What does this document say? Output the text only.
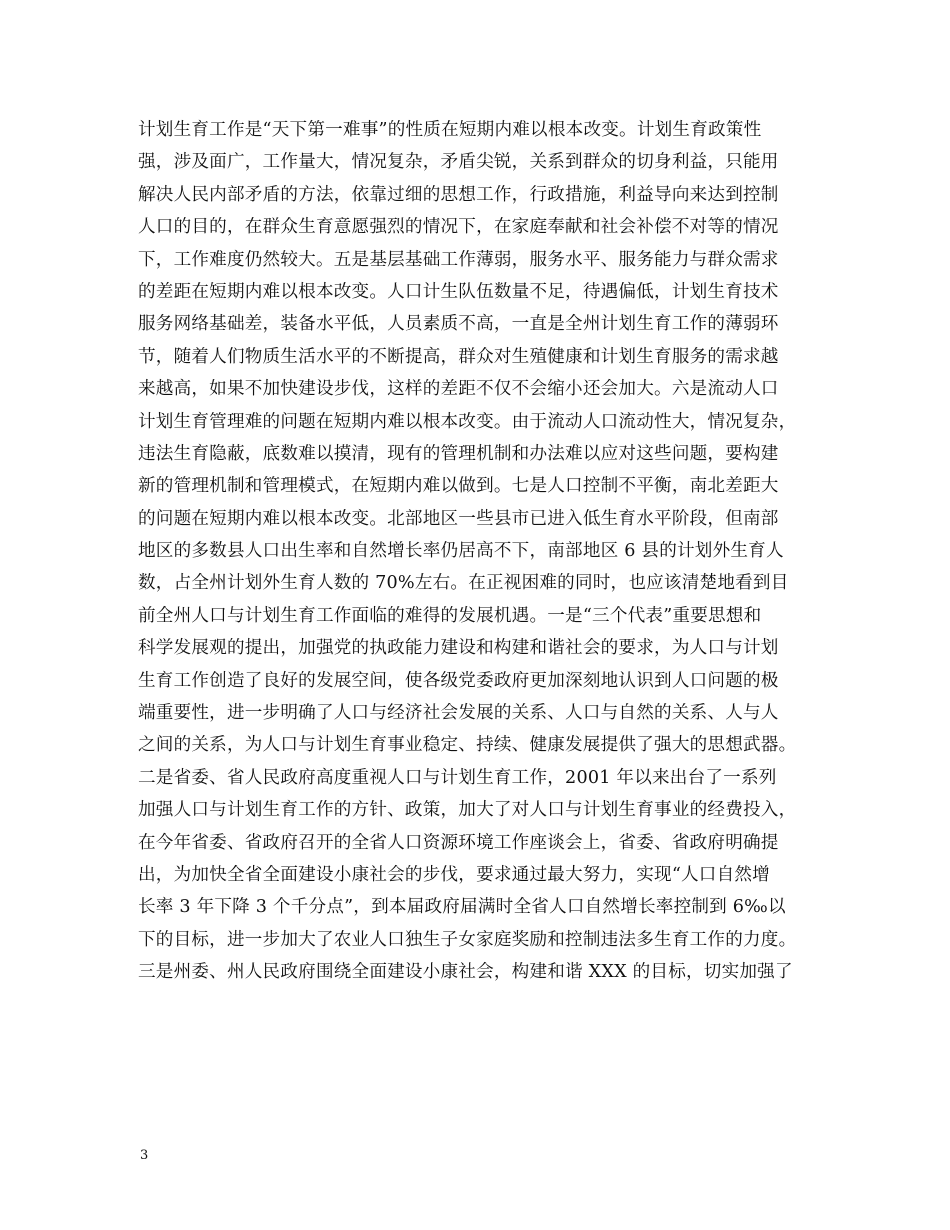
计划生育工作是“天下第一难事”的性质在短期内难以根本改变。计划生育政策性
强，涉及面广，工作量大，情况复杂，矛盾尖锐，关系到群众的切身利益，只能用
解决人民内部矛盾的方法，依靠过细的思想工作，行政措施，利益导向来达到控制
人口的目的，在群众生育意愿强烈的情况下，在家庭奉献和社会补偿不对等的情况
下，工作难度仍然较大。五是基层基础工作薄弱，服务水平、服务能力与群众需求
的差距在短期内难以根本改变。人口计生队伍数量不足，待遇偏低，计划生育技术
服务网络基础差，装备水平低，人员素质不高，一直是全州计划生育工作的薄弱环
节，随着人们物质生活水平的不断提高，群众对生殖健康和计划生育服务的需求越
来越高，如果不加快建设步伐，这样的差距不仅不会缩小还会加大。六是流动人口
计划生育管理难的问题在短期内难以根本改变。由于流动人口流动性大，情况复杂，
违法生育隐蔽，底数难以摸清，现有的管理机制和办法难以应对这些问题，要构建
新的管理机制和管理模式，在短期内难以做到。七是人口控制不平衡，南北差距大
的问题在短期内难以根本改变。北部地区一些县市已进入低生育水平阶段，但南部
地区的多数县人口出生率和自然增长率仍居高不下，南部地区 6 县的计划外生育人
数，占全州计划外生育人数的 70%左右。在正视困难的同时，也应该清楚地看到目
前全州人口与计划生育工作面临的难得的发展机遇。一是“三个代表”重要思想和
科学发展观的提出，加强党的执政能力建设和构建和谐社会的要求，为人口与计划
生育工作创造了良好的发展空间，使各级党委政府更加深刻地认识到人口问题的极
端重要性，进一步明确了人口与经济社会发展的关系、人口与自然的关系、人与人
之间的关系，为人口与计划生育事业稳定、持续、健康发展提供了强大的思想武器。
二是省委、省人民政府高度重视人口与计划生育工作，2001 年以来出台了一系列
加强人口与计划生育工作的方针、政策，加大了对人口与计划生育事业的经费投入，
在今年省委、省政府召开的全省人口资源环境工作座谈会上，省委、省政府明确提
出，为加快全省全面建设小康社会的步伐，要求通过最大努力，实现“人口自然增
长率 3 年下降 3 个千分点”，到本届政府届满时全省人口自然增长率控制到 6‰以
下的目标，进一步加大了农业人口独生子女家庭奖励和控制违法多生育工作的力度。
三是州委、州人民政府围绕全面建设小康社会，构建和谐 XXX 的目标，切实加强了
3
